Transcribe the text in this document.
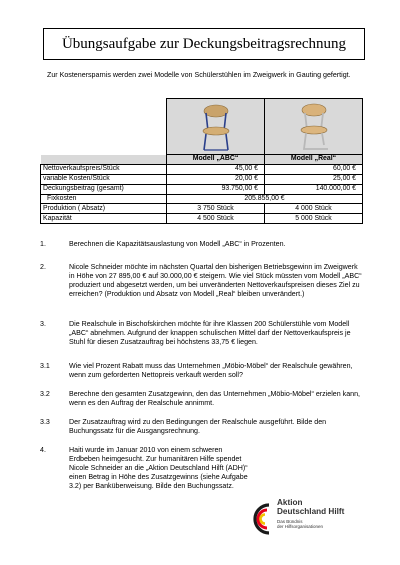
Übungsaufgabe zur Deckungsbeitragsrechnung
Zur Kostenersparnis werden zwei Modelle von Schülerstühlen im Zweigwerk in Gauting gefertigt.

	Modell „ABC“	Modell „Real“
Nettoverkaufspreis/Stück	45,00 €	60,00 €
variable Kosten/Stück	20,00 €	25,00 €
Deckungsbeitrag (gesamt)	93.750,00 €	140.000,00 €
Fixkosten	205.855,00 €	
Produktion ( Absatz)	3 750 Stück	4 000 Stück
Kapazität	4 500 Stück	5 000 Stück
1.	Berechnen die Kapazitätsauslastung von Modell „ABC“ in Prozenten.
2.	Nicole Schneider möchte im nächsten Quartal den bisherigen Betriebsgewinn im Zweigwerk in Höhe von 27 895,00 € auf 30.000,00 € steigern. Wie viel Stück müssten vom Modell „ABC“ produziert und abgesetzt werden, um bei unveränderten Nettoverkaufspreisen dieses Ziel zu erreichen? (Produktion und Absatz von Modell „Real“ bleiben unverändert.)
3.	Die Realschule in Bischofskirchen möchte für ihre Klassen 200 Schülerstühle vom Modell „ABC“ abnehmen. Aufgrund der knappen schulischen Mittel darf der Nettoverkaufspreis je Stuhl für diesen Zusatzauftrag bei höchstens 33,75 € liegen.
3.1	Wie viel Prozent Rabatt muss das Unternehmen „Möbio-Möbel“ der Realschule gewähren, wenn zum geforderten Nettopreis verkauft werden soll?
3.2	Berechne den gesamten Zusatzgewinn, den das Unternehmen „Möbio-Möbel“ erzielen kann, wenn es den Auftrag der Realschule annimmt.
3.3	Der Zusatzauftrag wird zu den Bedingungen der Realschule ausgeführt. Bilde den Buchungssatz für die Ausgangsrechnung.
4.	Haiti wurde im Januar 2010 von einem schweren Erdbeben heimgesucht. Zur humanitären Hilfe spendet Nicole Schneider an die „Aktion Deutschland Hilft (ADH)“ einen Betrag in Höhe des Zusatzgewinns (siehe Aufgabe 3.2) per Banküberweisung. Bilde den Buchungssatz.
Aktion
Deutschland Hilft
Das Bündnis
der Hilfsorganisationen
